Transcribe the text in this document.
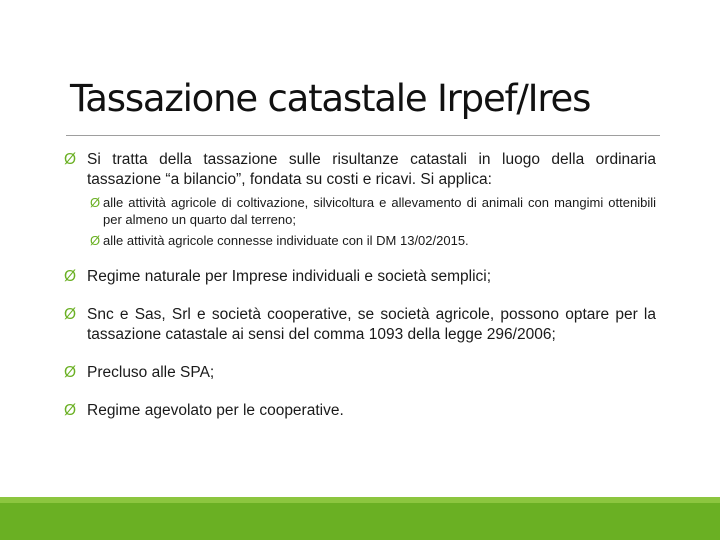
Tassazione catastale Irpef/Ires
Ø Si tratta della tassazione sulle risultanze catastali in luogo della ordinaria tassazione “a bilancio”, fondata su costi e ricavi. Si applica:
Ø alle attività agricole di coltivazione, silvicoltura e allevamento di animali con mangimi ottenibili per almeno un quarto dal terreno;
Ø alle attività agricole connesse individuate con il DM 13/02/2015.
Ø Regime naturale per Imprese individuali e società semplici;
Ø Snc e Sas, Srl e società cooperative, se società agricole, possono optare per la tassazione catastale ai sensi del comma 1093 della legge 296/2006;
Ø Precluso alle SPA;
Ø Regime agevolato per le cooperative.
